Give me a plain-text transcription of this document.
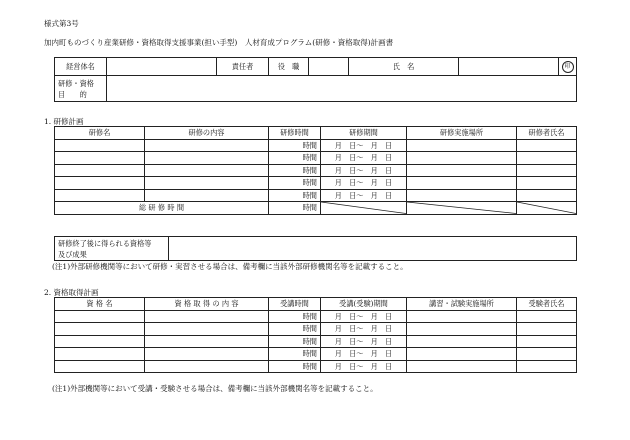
様式第3号
加内町ものづくり産業研修・資格取得支援事業(担い手型)　人材育成プログラム(研修・資格取得)計画書
経営体名		責任者	役　職		氏　名		印

研修・資格
目　　的							

1. 研修計画
研修名	研修の内容	研修時間	研修期間	研修実施場所	研修者氏名
		時間	月　日〜　月　日		
		時間	月　日〜　月　日		
		時間	月　日〜　月　日		
		時間	月　日〜　月　日		
		時間	月　日〜　月　日		
総 研 修 時 間		時間	

研修終了後に得られる資格等
及び成果

(注1)外部研修機関等において研修・実習させる場合は、備考欄に当該外部研修機関名等を記載すること。
2. 資格取得計画
資 格 名	資 格 取 得 の 内 容	受講時間	受講(受験)期間	講習・試験実施場所	受験者氏名
		時間	月　日〜　月　日		
		時間	月　日〜　月　日		
		時間	月　日〜　月　日		
		時間	月　日〜　月　日		
		時間	月　日〜　月　日		
(注1)外部機関等において受講・受験させる場合は、備考欄に当該外部機関名等を記載すること。
